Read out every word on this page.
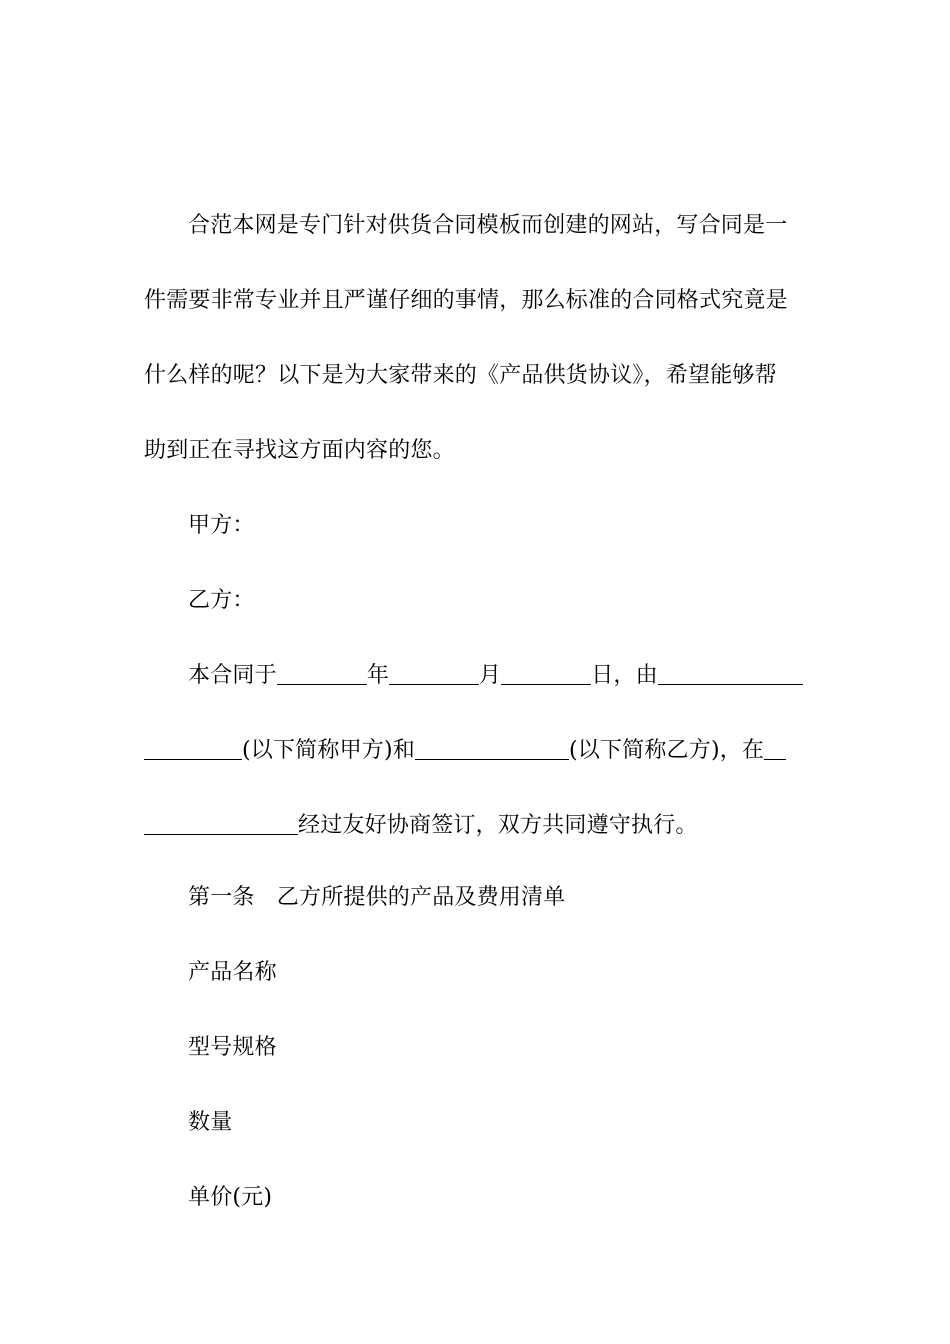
合范本网是专门针对供货合同模板而创建的网站，写合同是一
件需要非常专业并且严谨仔细的事情，那么标准的合同格式究竟是
什么样的呢？以下是为大家带来的《产品供货协议》，希望能够帮
助到正在寻找这方面内容的您。
甲方：
乙方：
本合同于	年	月	日，由
(以下简称甲方)和	(以下简称乙方)，在
经过友好协商签订，双方共同遵守执行。
第一条　乙方所提供的产品及费用清单
产品名称
型号规格
数量
单价(元)
